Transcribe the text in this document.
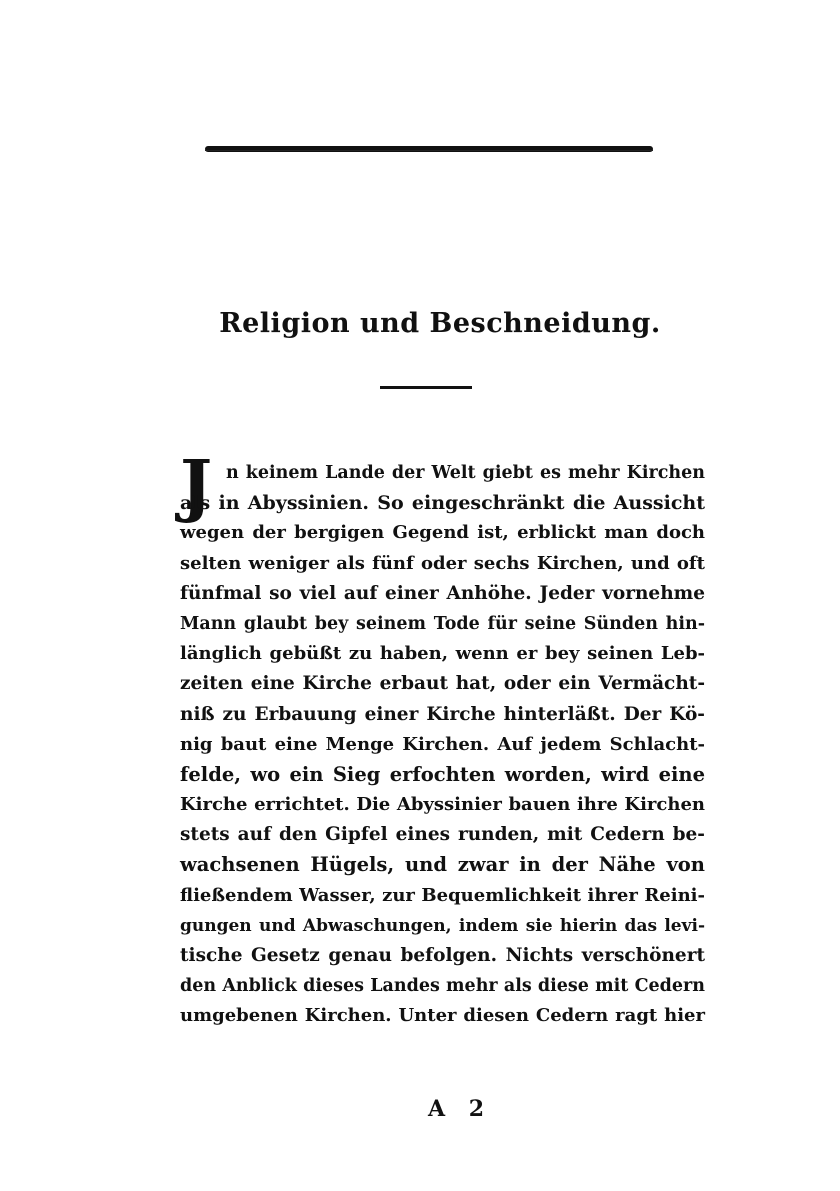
Religion und Beschneidung.
J n keinem Lande der Welt giebt es mehr Kirchen
als in Abyssinien. So eingeschränkt die Aussicht
wegen der bergigen Gegend ist, erblickt man doch
selten weniger als fünf oder sechs Kirchen, und oft
fünfmal so viel auf einer Anhöhe. Jeder vornehme
Mann glaubt bey seinem Tode für seine Sünden hin-
länglich gebüßt zu haben, wenn er bey seinen Leb-
zeiten eine Kirche erbaut hat, oder ein Vermächt-
niß zu Erbauung einer Kirche hinterläßt. Der Kö-
nig baut eine Menge Kirchen. Auf jedem Schlacht-
felde, wo ein Sieg erfochten worden, wird eine
Kirche errichtet. Die Abyssinier bauen ihre Kirchen
stets auf den Gipfel eines runden, mit Cedern be-
wachsenen Hügels, und zwar in der Nähe von
fließendem Wasser, zur Bequemlichkeit ihrer Reini-
gungen und Abwaschungen, indem sie hierin das levi-
tische Gesetz genau befolgen. Nichts verschönert
den Anblick dieses Landes mehr als diese mit Cedern
umgebenen Kirchen. Unter diesen Cedern ragt hier
A 2
